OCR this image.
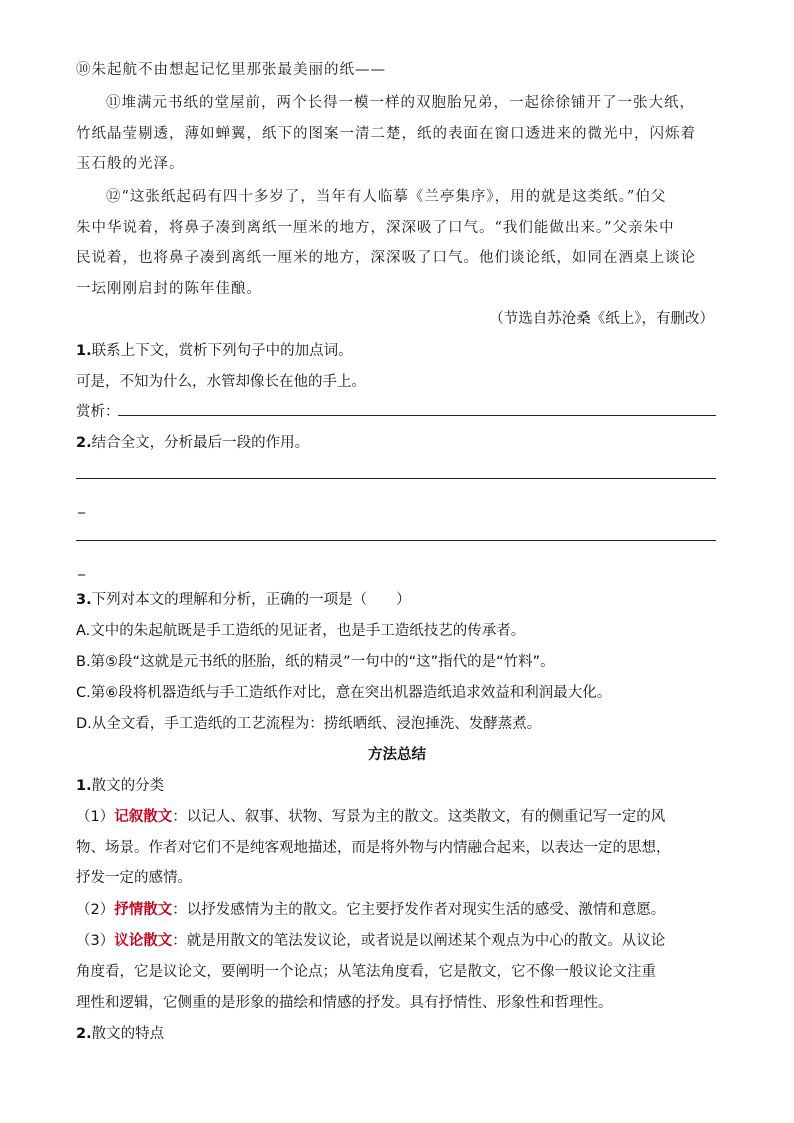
⑩朱起航不由想起记忆里那张最美丽的纸——
⑪堆满元书纸的堂屋前，两个长得一模一样的双胞胎兄弟，一起徐徐铺开了一张大纸，
竹纸晶莹剔透，薄如蝉翼，纸下的图案一清二楚，纸的表面在窗口透进来的微光中，闪烁着
玉石般的光泽。
⑫“这张纸起码有四十多岁了，当年有人临摹《兰亭集序》，用的就是这类纸。”伯父
朱中华说着，将鼻子凑到离纸一厘米的地方，深深吸了口气。“我们能做出来。”父亲朱中
民说着，也将鼻子凑到离纸一厘米的地方，深深吸了口气。他们谈论纸，如同在酒桌上谈论
一坛刚刚启封的陈年佳酿。
（节选自苏沧桑《纸上》，有删改）
1.联系上下文，赏析下列句子中的加点词。
可是，不知为什么，水管却像长在他的手上。
赏析：
2.结合全文，分析最后一段的作用。
_
_
3.下列对本文的理解和分析，正确的一项是（　　）
A.文中的朱起航既是手工造纸的见证者，也是手工造纸技艺的传承者。
B.第⑤段“这就是元书纸的胚胎，纸的精灵”一句中的“这”指代的是“竹料”。
C.第⑥段将机器造纸与手工造纸作对比，意在突出机器造纸追求效益和利润最大化。
D.从全文看，手工造纸的工艺流程为：捞纸晒纸、浸泡捶洗、发酵蒸煮。
方法总结
1.散文的分类
（1）记叙散文：以记人、叙事、状物、写景为主的散文。这类散文，有的侧重记写一定的风
物、场景。作者对它们不是纯客观地描述，而是将外物与内情融合起来，以表达一定的思想，
抒发一定的感情。
（2）抒情散文：以抒发感情为主的散文。它主要抒发作者对现实生活的感受、激情和意愿。
（3）议论散文：就是用散文的笔法发议论，或者说是以阐述某个观点为中心的散文。从议论
角度看，它是议论文，要阐明一个论点；从笔法角度看，它是散文，它不像一般议论文注重
理性和逻辑，它侧重的是形象的描绘和情感的抒发。具有抒情性、形象性和哲理性。
2.散文的特点
